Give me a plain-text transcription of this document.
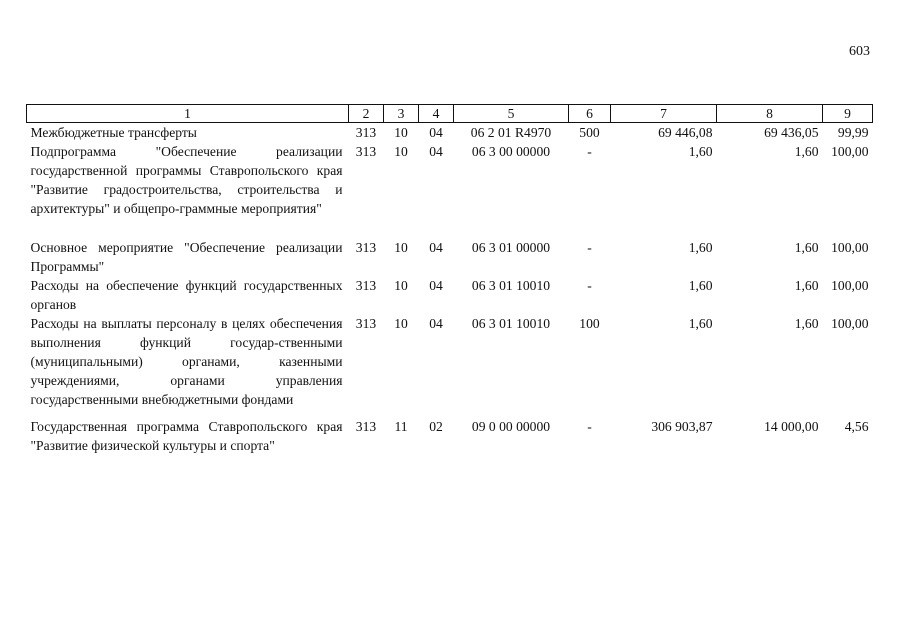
603
1	2	3	4	5	6	7	8	9
Межбюджетные трансферты	313	10	04	06 2 01 R4970	500	69 446,08	69 436,05	99,99
Подпрограмма "Обеспечение реализации государственной программы Ставропольского края "Развитие градостроительства, строительства и архитектуры" и общепро-граммные мероприятия"	313	10	04	06 3 00 00000	-	1,60	1,60	100,00

Основное мероприятие "Обеспечение реализации Программы"	313	10	04	06 3 01 00000	-	1,60	1,60	100,00
Расходы на обеспечение функций государственных органов	313	10	04	06 3 01 10010	-	1,60	1,60	100,00
Расходы на выплаты персоналу в целях обеспечения выполнения функций государ-ственными (муниципальными) органами, казенными учреждениями, органами управления государственными внебюджетными фондами	313	10	04	06 3 01 10010	100	1,60	1,60	100,00

Государственная программа Ставропольского края "Развитие физической культуры и спорта"	313	11	02	09 0 00 00000	-	306 903,87	14 000,00	4,56
